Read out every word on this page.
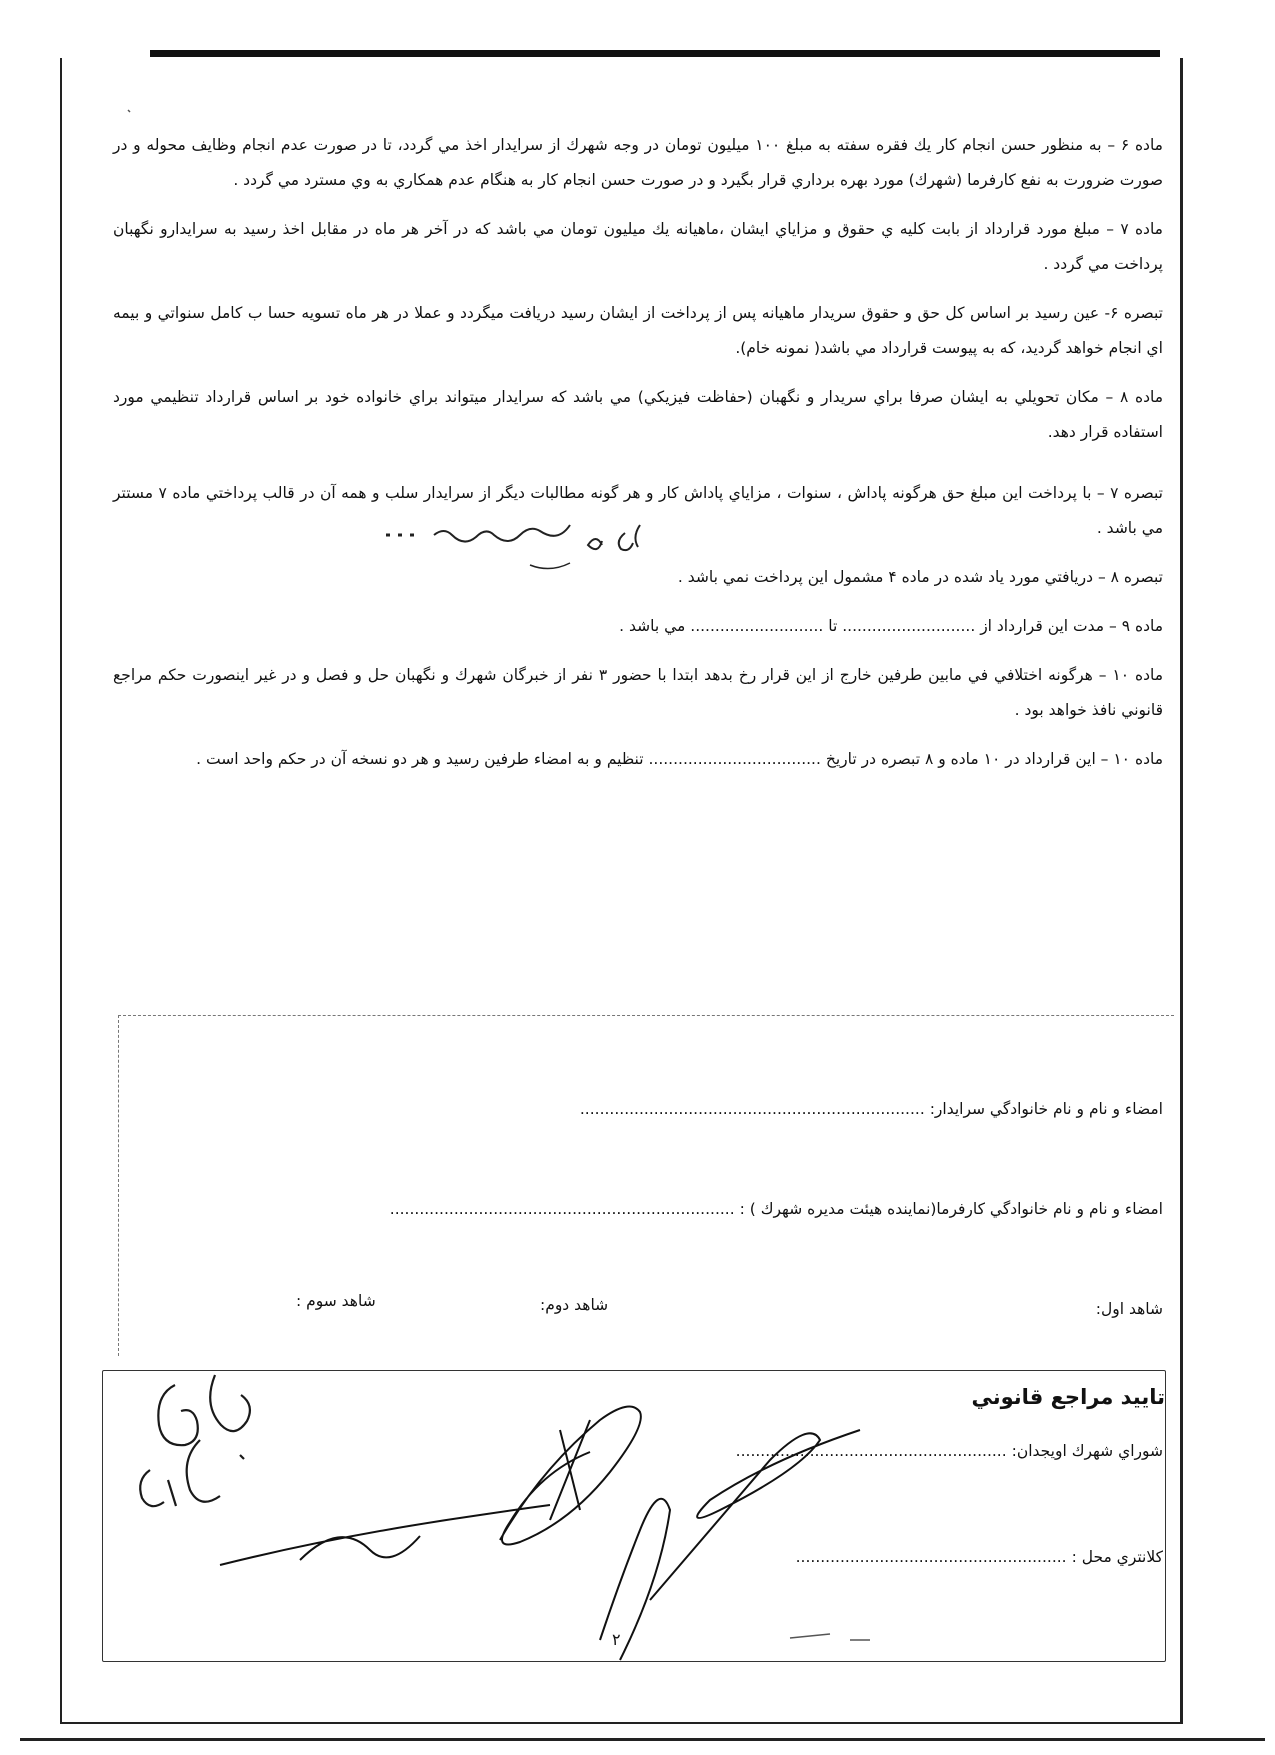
ماده ۶ – به منظور حسن انجام كار يك فقره سفته به مبلغ ۱۰۰ ميليون تومان در وجه شهرك از سرايدار اخذ مي گردد، تا در صورت عدم انجام وظايف محوله و در صورت ضرورت به نفع كارفرما (شهرك) مورد بهره برداري قرار بگيرد و در صورت حسن انجام كار به هنگام عدم همكاري به وي مسترد مي گردد .

ماده ۷ – مبلغ مورد قرارداد از بابت كليه ي حقوق و مزاياي ايشان ،ماهيانه يك ميليون تومان مي باشد كه در آخر هر ماه در مقابل اخذ رسيد به سرايدارو نگهبان پرداخت مي گردد .

تبصره ۶- عين رسيد بر اساس كل حق و حقوق سريدار ماهيانه پس از پرداخت از ايشان رسيد دريافت ميگردد و عملا در هر ماه تسويه حسا ب كامل سنواتي و بيمه اي انجام خواهد گرديد، كه به پيوست قرارداد مي باشد( نمونه خام).

ماده ۸ – مكان تحويلي به ايشان صرفا براي سريدار و نگهبان (حفاظت فيزيكي) مي باشد كه سرايدار ميتواند براي خانواده خود بر اساس قرارداد تنظيمي مورد استفاده قرار دهد.

تبصره ۷ – با پرداخت اين مبلغ حق هرگونه پاداش ، سنوات ، مزاياي پاداش كار و هر گونه مطالبات ديگر از سرايدار سلب و همه آن در قالب پرداختي ماده ۷ مستتر مي باشد .

تبصره ۸ – دريافتي مورد ياد شده در ماده ۴ مشمول اين پرداخت نمي باشد .

ماده ۹ – مدت اين قرارداد از ........................... تا ........................... مي باشد .

ماده ۱۰ – هرگونه اختلافي في مابين طرفين خارج از اين قرار رخ بدهد ابتدا با حضور ۳ نفر از خبرگان شهرك و نگهبان حل و فصل و در غير اينصورت حكم مراجع قانوني نافذ خواهد بود .

ماده ۱۰ – اين قرارداد در ۱۰ ماده و ۸ تبصره در تاريخ ................................... تنظيم و به امضاء طرفين رسيد و هر دو نسخه آن در حكم واحد است .

امضاء و نام و نام خانوادگي سرايدار: ......................................................................
امضاء و نام و نام خانوادگي كارفرما(نماينده هيئت مديره شهرك ) : ......................................................................
شاهد اول:
شاهد دوم:
شاهد سوم :
تاييد مراجع قانوني
شوراي شهرك اويجدان: .......................................................
كلانتري محل : .......................................................
۲
